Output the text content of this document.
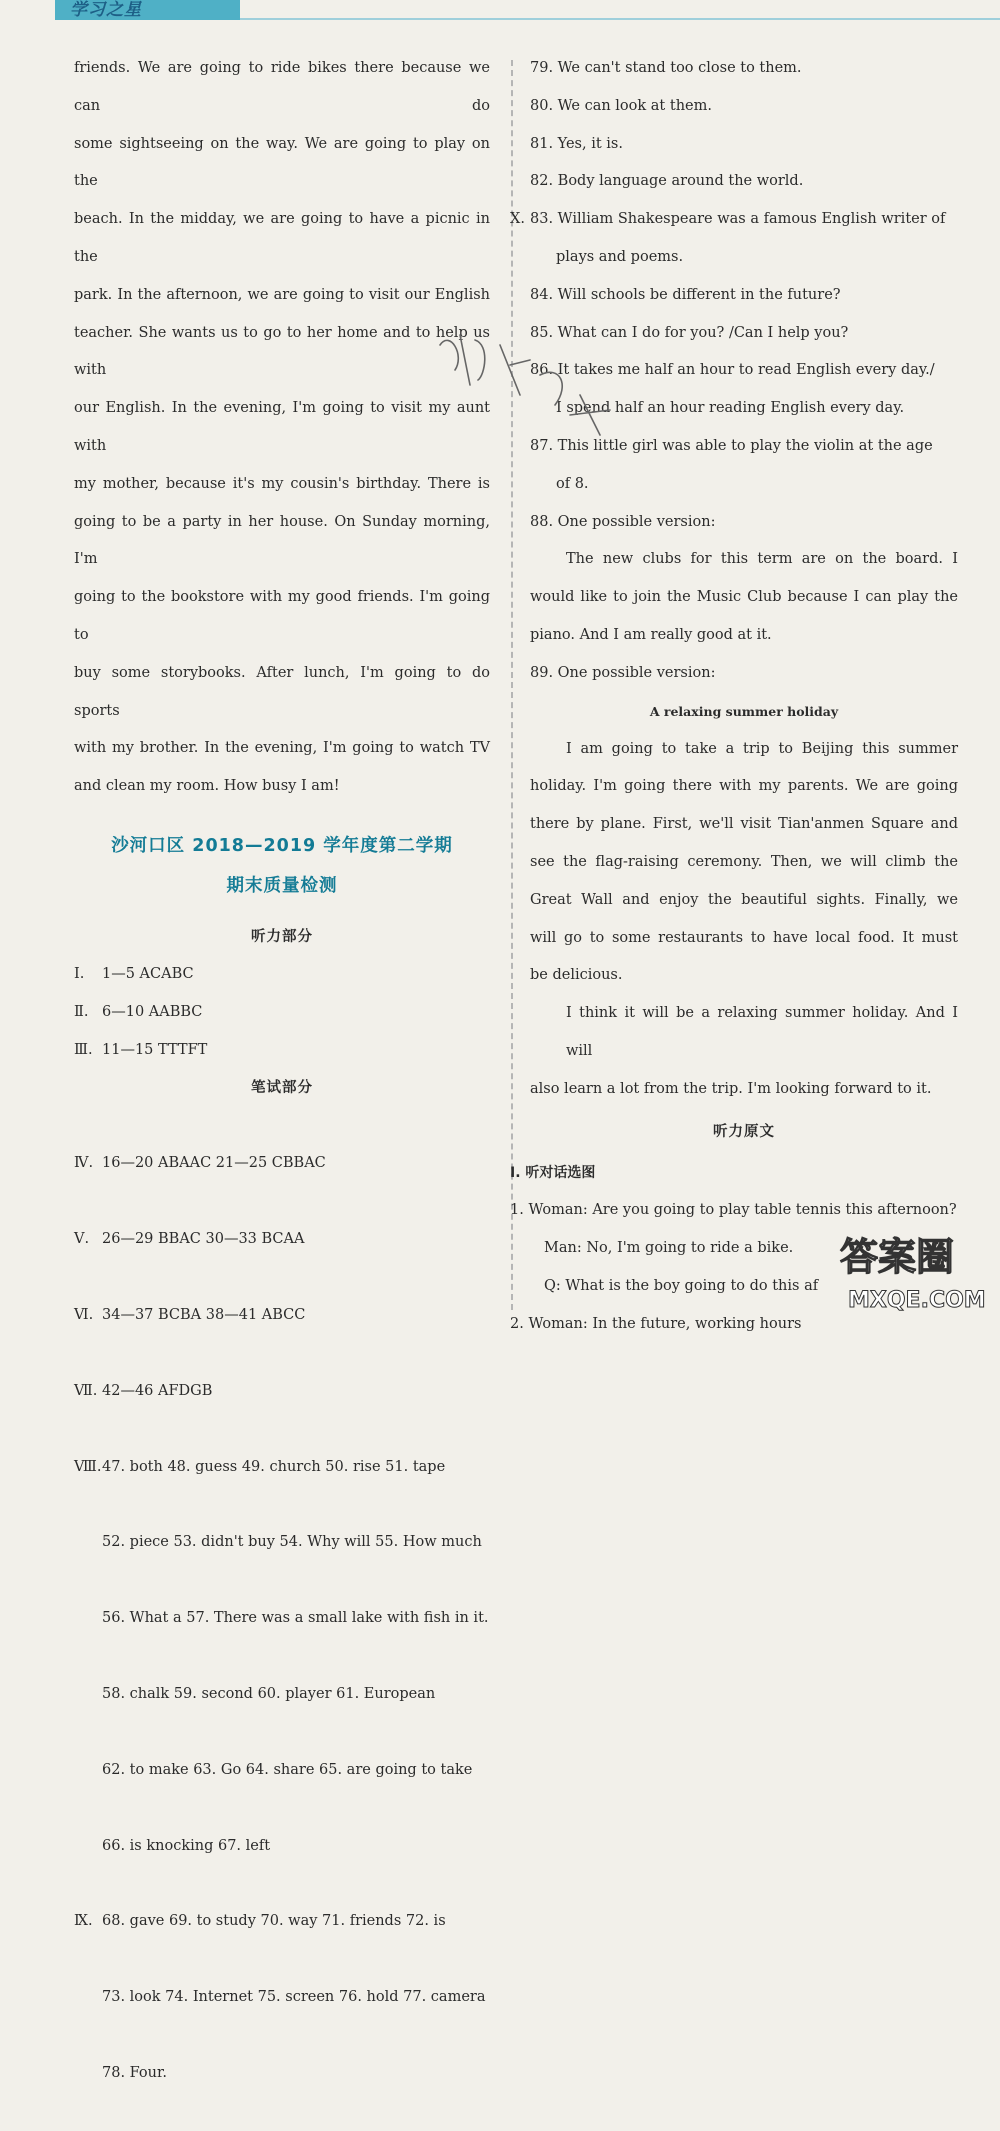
学习之星
friends. We are going to ride bikes there because we can do
some sightseeing on the way. We are going to play on the
beach. In the midday, we are going to have a picnic in the
park. In the afternoon, we are going to visit our English
teacher. She wants us to go to her home and to help us with
our English. In the evening, I'm going to visit my aunt with
my mother, because it's my cousin's birthday. There is
going to be a party in her house. On Sunday morning, I'm
going to the bookstore with my good friends. I'm going to
buy some storybooks. After lunch, I'm going to do sports
with my brother. In the evening, I'm going to watch TV
and clean my room. How busy I am!
沙河口区 2018—2019 学年度第二学期
期末质量检测
听力部分
Ⅰ. 1—5 ACABC
Ⅱ. 6—10 AABBC
Ⅲ. 11—15 TTTFT
笔试部分

Ⅳ. 16—20 ABAAC 21—25 CBBAC

Ⅴ. 26—29 BBAC 30—33 BCAA

Ⅵ. 34—37 BCBA 38—41 ABCC

Ⅶ. 42—46 AFDGB

Ⅷ.47. both 48. guess 49. church 50. rise 51. tape

52. piece 53. didn't buy 54. Why will 55. How much

56. What a 57. There was a small lake with fish in it.

58. chalk 59. second 60. player 61. European

62. to make 63. Go 64. share 65. are going to take

66. is knocking 67. left

Ⅸ. 68. gave 69. to study 70. way 71. friends 72. is

73. look 74. Internet 75. screen 76. hold 77. camera

78. Four.

79. We can't stand too close to them.
80. We can look at them.
81. Yes, it is.
82. Body language around the world.
Ⅹ. 83. William Shakespeare was a famous English writer of
plays and poems.
84. Will schools be different in the future?
85. What can I do for you? /Can I help you?
86. It takes me half an hour to read English every day./
I spend half an hour reading English every day.
87. This little girl was able to play the violin at the age
of 8.
88. One possible version:
The new clubs for this term are on the board. I
would like to join the Music Club because I can play the
piano. And I am really good at it.
89. One possible version:
A relaxing summer holiday
I am going to take a trip to Beijing this summer
holiday. I'm going there with my parents. We are going
there by plane. First, we'll visit Tian'anmen Square and
see the flag-raising ceremony. Then, we will climb the
Great Wall and enjoy the beautiful sights. Finally, we
will go to some restaurants to have local food. It must
be delicious.
I think it will be a relaxing summer holiday. And I will
also learn a lot from the trip. I'm looking forward to it.
听力原文
Ⅰ. 听对话选图
1. Woman: Are you going to play table tennis this afternoon?
Man: No, I'm going to ride a bike.
Q: What is the boy going to do this af
2. Woman: In the future, working hours
答案圈
MXQE.COM
